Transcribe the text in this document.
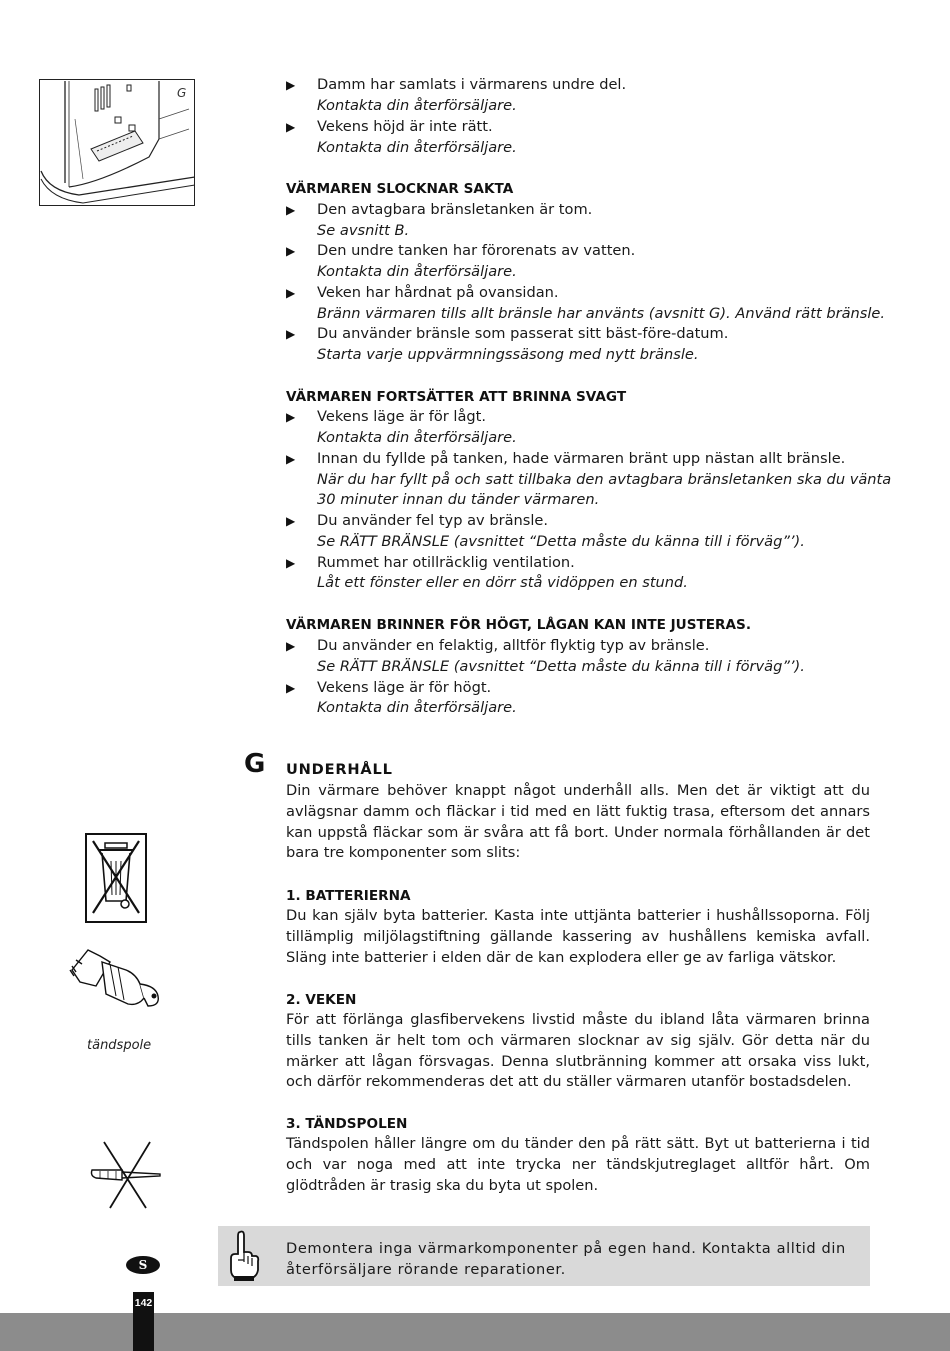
G
▶ Damm har samlats i värmarens undre del.
Kontakta din återförsäljare.
▶ Vekens höjd är inte rätt.
Kontakta din återförsäljare.
VÄRMAREN SLOCKNAR SAKTA
▶ Den avtagbara bränsletanken är tom.
Se avsnitt B.
▶ Den undre tanken har förorenats av vatten.
Kontakta din återförsäljare.
▶ Veken har hårdnat på ovansidan.
Bränn värmaren tills allt bränsle har använts (avsnitt G). Använd rätt bränsle.
▶ Du använder bränsle som passerat sitt bäst-före-datum.
Starta varje uppvärmningssäsong med nytt bränsle.
VÄRMAREN FORTSÄTTER ATT BRINNA SVAGT
▶ Vekens läge är för lågt.
Kontakta din återförsäljare.
▶ Innan du fyllde på tanken, hade värmaren bränt upp nästan allt bränsle.
När du har fyllt på och satt tillbaka den avtagbara bränsletanken ska du vänta
30 minuter innan du tänder värmaren.
▶ Du använder fel typ av bränsle.
Se RÄTT BRÄNSLE (avsnittet “Detta måste du känna till i förväg”’).
▶ Rummet har otillräcklig ventilation.
Låt ett fönster eller en dörr stå vidöppen en stund.
VÄRMAREN BRINNER FÖR HÖGT, LÅGAN KAN INTE JUSTERAS.
▶ Du använder en felaktig, alltför flyktig typ av bränsle.
Se RÄTT BRÄNSLE (avsnittet “Detta måste du känna till i förväg”’).
▶ Vekens läge är för högt.
Kontakta din återförsäljare.
G UNDERHÅLL

Din värmare behöver knappt något underhåll alls. Men det är viktigt att du avlägsnar damm och fläckar i tid med en lätt fuktig trasa, eftersom det annars kan uppstå fläckar som är svåra att få bort. Under normala förhållanden är det bara tre komponenter som slits:

1. BATTERIERNA

Du kan själv byta batterier. Kasta inte uttjänta batterier i hushållssoporna. Följ tillämplig miljölagstiftning gällande kassering av hushållens kemiska avfall. Släng inte batterier i elden där de kan explodera eller ge av farliga vätskor.

2. VEKEN

För att förlänga glasfibervekens livstid måste du ibland låta värmaren brinna tills tanken är helt tom och värmaren slocknar av sig själv. Gör detta när du märker att lågan försvagas. Denna slutbränning kommer att orsaka viss lukt, och därför rekommenderas det att du ställer värmaren utanför bostadsdelen.

3. TÄNDSPOLEN

Tändspolen håller längre om du tänder den på rätt sätt. Byt ut batterierna i tid och var noga med att inte trycka ner tändskjutreglaget alltför hårt. Om glödtråden är trasig ska du byta ut spolen.

tändspole
Demontera inga värmarkomponenter på egen hand. Kontakta alltid din återförsäljare rörande reparationer.
S
142
